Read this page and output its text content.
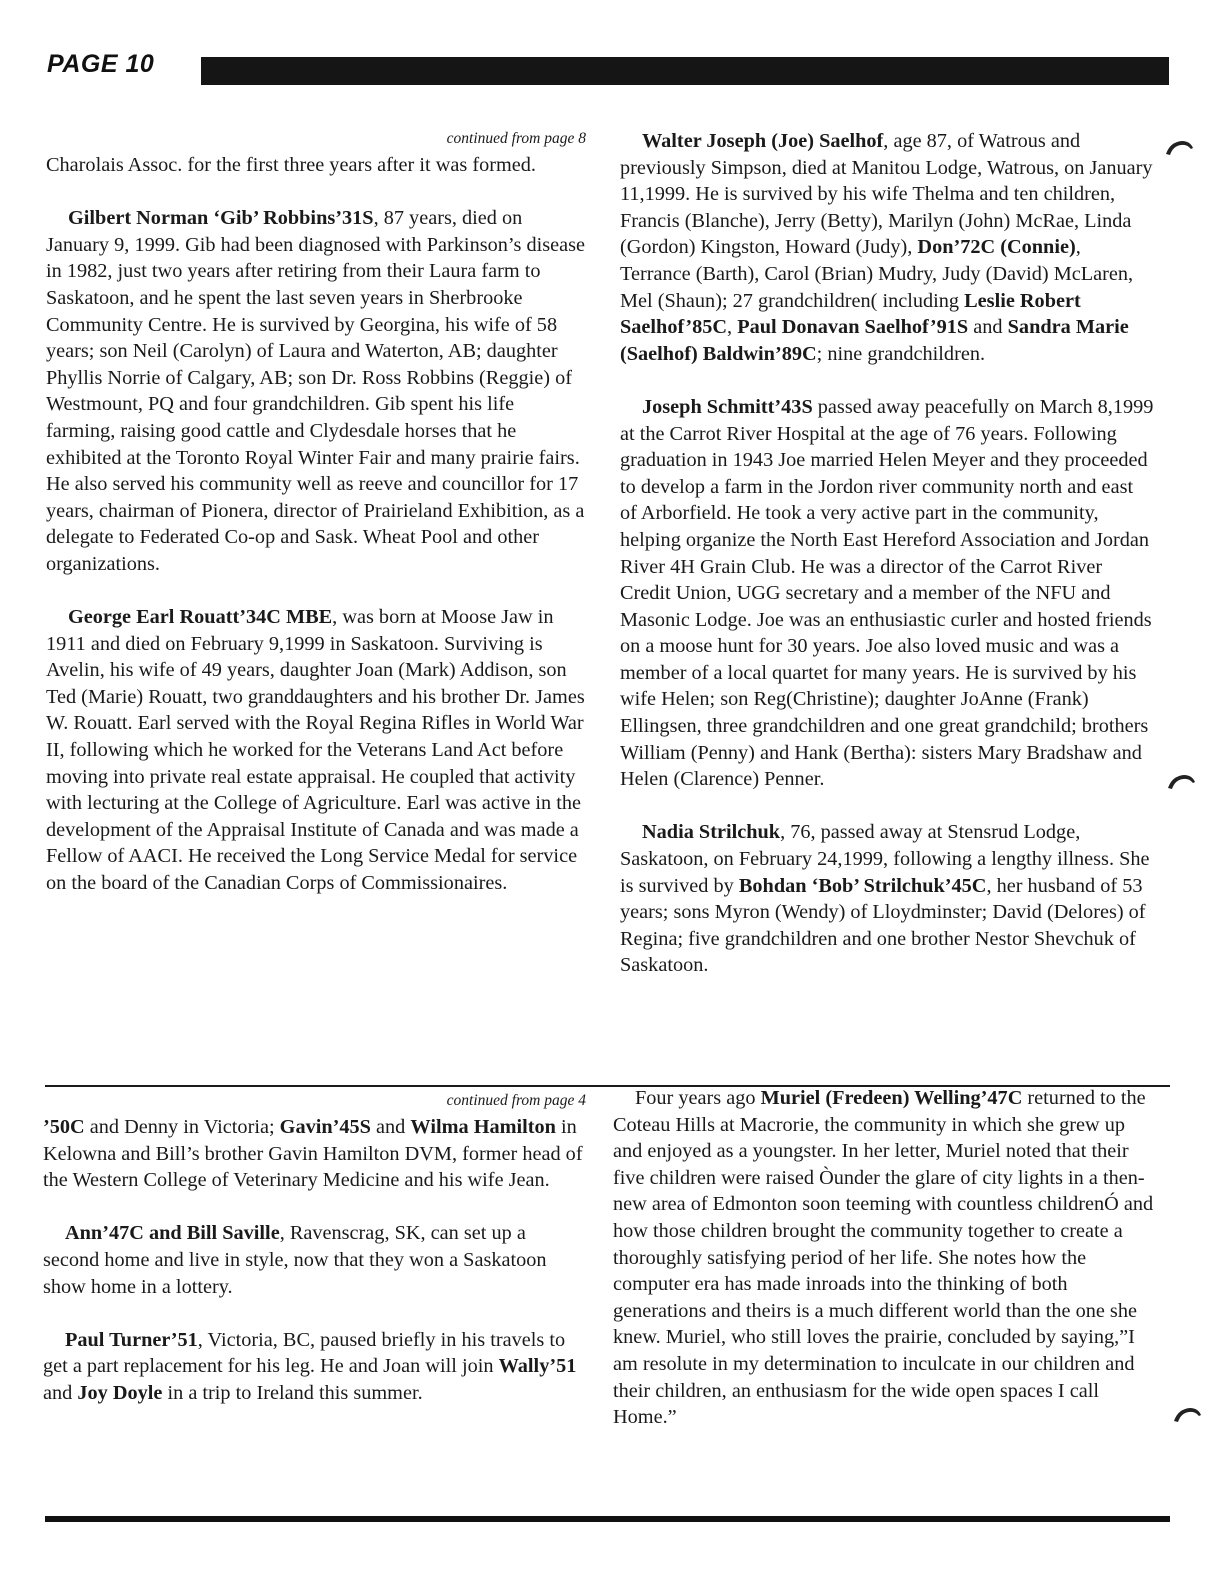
PAGE 10

continued from page 8

Charolais Assoc. for the first three years after it was formed.

Gilbert Norman ‘Gib’ Robbins’31S, 87 years, died on January 9, 1999. Gib had been diagnosed with Parkinson’s disease in 1982, just two years after retiring from their Laura farm to Saskatoon, and he spent the last seven years in Sherbrooke Community Centre. He is survived by Georgina, his wife of 58 years; son Neil (Carolyn) of Laura and Waterton, AB; daughter Phyllis Norrie of Calgary, AB; son Dr. Ross Robbins (Reggie) of Westmount, PQ and four grandchildren. Gib spent his life farming, raising good cattle and Clydesdale horses that he exhibited at the Toronto Royal Winter Fair and many prairie fairs. He also served his community well as reeve and councillor for 17 years, chairman of Pionera, director of Prairieland Exhibition, as a delegate to Federated Co-op and Sask. Wheat Pool and other organizations.

George Earl Rouatt’34C MBE, was born at Moose Jaw in 1911 and died on February 9,1999 in Saskatoon. Surviving is Avelin, his wife of 49 years, daughter Joan (Mark) Addison, son Ted (Marie) Rouatt, two granddaughters and his brother Dr. James W. Rouatt. Earl served with the Royal Regina Rifles in World War II, following which he worked for the Veterans Land Act before moving into private real estate appraisal. He coupled that activity with lecturing at the College of Agriculture. Earl was active in the development of the Appraisal Institute of Canada and was made a Fellow of AACI. He received the Long Service Medal for service on the board of the Canadian Corps of Commissionaires.

Walter Joseph (Joe) Saelhof, age 87, of Watrous and previously Simpson, died at Manitou Lodge, Watrous, on January 11,1999. He is survived by his wife Thelma and ten children, Francis (Blanche), Jerry (Betty), Marilyn (John) McRae, Linda (Gordon) Kingston, Howard (Judy), Don’72C (Connie), Terrance (Barth), Carol (Brian) Mudry, Judy (David) McLaren, Mel (Shaun); 27 grandchildren( including Leslie Robert Saelhof’85C, Paul Donavan Saelhof’91S and Sandra Marie (Saelhof) Baldwin’89C; nine grandchildren.

Joseph Schmitt’43S passed away peacefully on March 8,1999 at the Carrot River Hospital at the age of 76 years. Following graduation in 1943 Joe married Helen Meyer and they proceeded to develop a farm in the Jordon river community north and east of Arborfield. He took a very active part in the community, helping organize the North East Hereford Association and Jordan River 4H Grain Club. He was a director of the Carrot River Credit Union, UGG secretary and a member of the NFU and Masonic Lodge. Joe was an enthusiastic curler and hosted friends on a moose hunt for 30 years. Joe also loved music and was a member of a local quartet for many years. He is survived by his wife Helen; son Reg(Christine); daughter JoAnne (Frank) Ellingsen, three grandchildren and one great grandchild; brothers William (Penny) and Hank (Bertha): sisters Mary Bradshaw and Helen (Clarence) Penner.

Nadia Strilchuk, 76, passed away at Stensrud Lodge, Saskatoon, on February 24,1999, following a lengthy illness. She is survived by Bohdan ‘Bob’ Strilchuk’45C, her husband of 53 years; sons Myron (Wendy) of Lloydminster; David (Delores) of Regina; five grandchildren and one brother Nestor Shevchuk of Saskatoon.

continued from page 4

’50C and Denny in Victoria; Gavin’45S and Wilma Hamilton in Kelowna and Bill’s brother Gavin Hamilton DVM, former head of the Western College of Veterinary Medicine and his wife Jean.

Ann’47C and Bill Saville, Ravenscrag, SK, can set up a second home and live in style, now that they won a Saskatoon show home in a lottery.

Paul Turner’51, Victoria, BC, paused briefly in his travels to get a part replacement for his leg. He and Joan will join Wally’51 and Joy Doyle in a trip to Ireland this summer.

Four years ago Muriel (Fredeen) Welling’47C returned to the Coteau Hills at Macrorie, the community in which she grew up and enjoyed as a youngster. In her letter, Muriel noted that their five children were raised Òunder the glare of city lights in a then-new area of Edmonton soon teeming with countless childrenÓ and how those children brought the community together to create a thoroughly satisfying period of her life. She notes how the computer era has made inroads into the thinking of both generations and theirs is a much different world than the one she knew. Muriel, who still loves the prairie, concluded by saying,”I am resolute in my determination to inculcate in our children and their children, an enthusiasm for the wide open spaces I call Home.”
